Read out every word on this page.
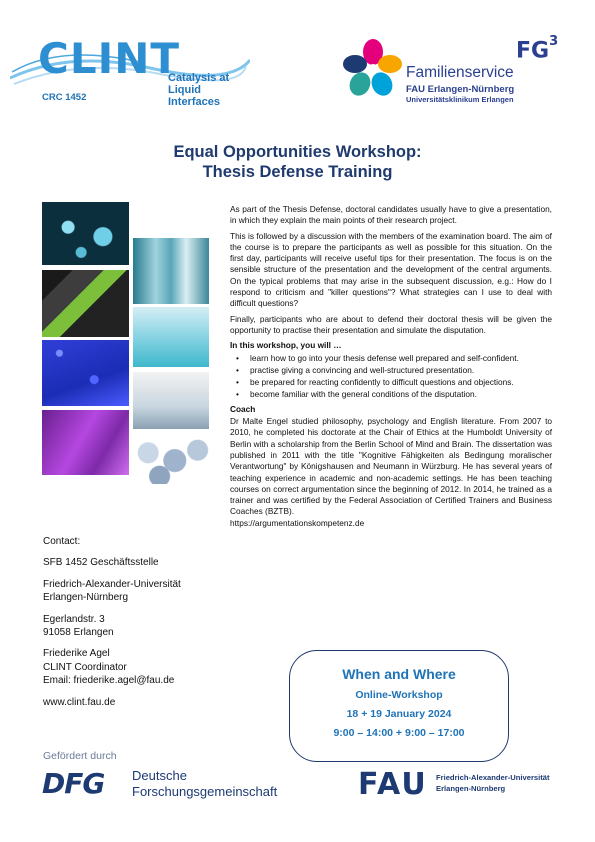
CLINT
Catalysis at
Liquid Interfaces
CRC 1452
Familienservice
FAU Erlangen-Nürnberg
Universitätsklinikum Erlangen
$FG^3$
Equal Opportunities Workshop:
Thesis Defense Training

As part of the Thesis Defense, doctoral candidates usually have to give a presentation, in which they explain the main points of their research project.

This is followed by a discussion with the members of the examination board. The aim of the course is to prepare the participants as well as possible for this situation. On the first day, participants will receive useful tips for their presentation. The focus is on the sensible structure of the presentation and the development of the central arguments. On the typical problems that may arise in the subsequent discussion, e.g.: How do I respond to criticism and "killer questions"? What strategies can I use to deal with difficult questions?

Finally, participants who are about to defend their doctoral thesis will be given the opportunity to practise their presentation and simulate the disputation.

In this workshop, you will …

• learn how to go into your thesis defense well prepared and self-confident.
• practise giving a convincing and well-structured presentation.
• be prepared for reacting confidently to difficult questions and objections.
• become familiar with the general conditions of the disputation.

Coach

Dr Malte Engel studied philosophy, psychology and English literature. From 2007 to 2010, he completed his doctorate at the Chair of Ethics at the Humboldt University of Berlin with a scholarship from the Berlin School of Mind and Brain. The dissertation was published in 2011 with the title "Kognitive Fähigkeiten als Bedingung moralischer Verantwortung" by Königshausen and Neumann in Würzburg. He has several years of teaching experience in academic and non-academic settings. He has been teaching courses on correct argumentation since the beginning of 2012. In 2014, he trained as a trainer and was certified by the Federal Association of Certified Trainers and Business Coaches (BZTB).

https://argumentationskompetenz.de

Contact:
SFB 1452 Geschäftsstelle
Friedrich-Alexander-Universität
Erlangen-Nürnberg
Egerlandstr. 3
91058 Erlangen
Friederike Agel
CLINT Coordinator
Email: friederike.agel@fau.de
www.clint.fau.de
When and Where
Online-Workshop
18 + 19 January 2024
9:00 – 14:00 + 9:00 – 17:00
Gefördert durch
DFG Deutsche
Forschungsgemeinschaft	FAU Friedrich-Alexander-Universität
Erlangen-Nürnberg
